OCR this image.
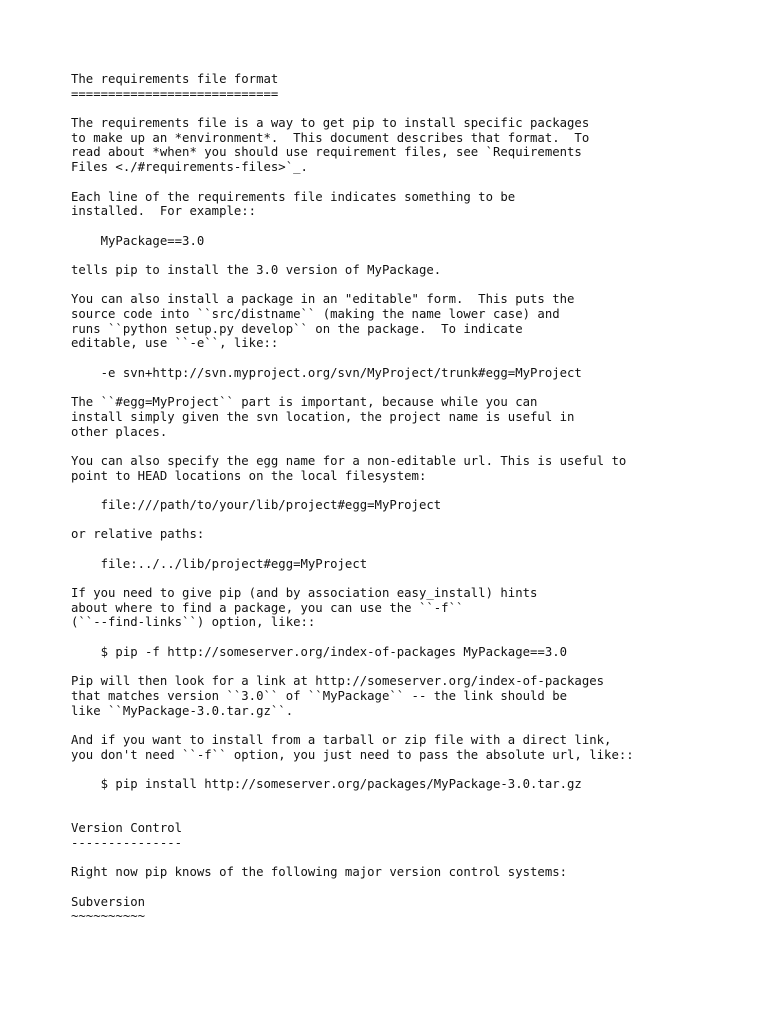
The requirements file format
============================
The requirements file is a way to get pip to install specific packages
to make up an *environment*.  This document describes that format.  To
read about *when* you should use requirement files, see `Requirements
Files <./#requirements-files>`_.
Each line of the requirements file indicates something to be
installed.  For example::
MyPackage==3.0
tells pip to install the 3.0 version of MyPackage.
You can also install a package in an "editable" form.  This puts the
source code into ``src/distname`` (making the name lower case) and
runs ``python setup.py develop`` on the package.  To indicate
editable, use ``-e``, like::
-e svn+http://svn.myproject.org/svn/MyProject/trunk#egg=MyProject
The ``#egg=MyProject`` part is important, because while you can
install simply given the svn location, the project name is useful in
other places.
You can also specify the egg name for a non-editable url. This is useful to
point to HEAD locations on the local filesystem:
file:///path/to/your/lib/project#egg=MyProject
or relative paths:
file:../../lib/project#egg=MyProject
If you need to give pip (and by association easy_install) hints
about where to find a package, you can use the ``-f``
(``--find-links``) option, like::
$ pip -f http://someserver.org/index-of-packages MyPackage==3.0
Pip will then look for a link at http://someserver.org/index-of-packages
that matches version ``3.0`` of ``MyPackage`` -- the link should be
like ``MyPackage-3.0.tar.gz``.
And if you want to install from a tarball or zip file with a direct link,
you don't need ``-f`` option, you just need to pass the absolute url, like::
$ pip install http://someserver.org/packages/MyPackage-3.0.tar.gz
Version Control
---------------
Right now pip knows of the following major version control systems:
Subversion
~~~~~~~~~~
